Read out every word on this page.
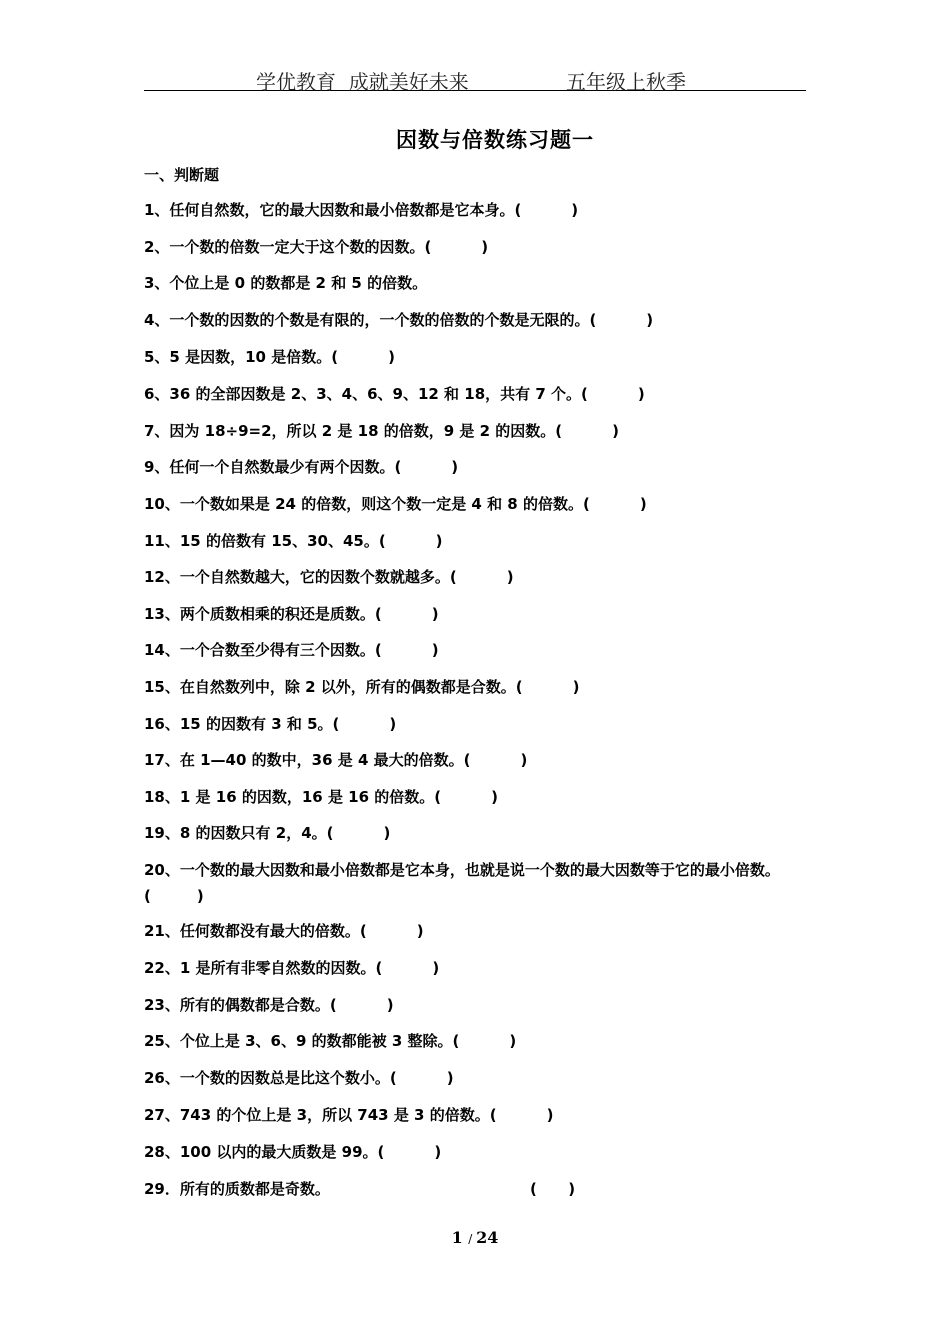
学优教育  成就美好未来	五年级上秋季
因数与倍数练习题一
一、判断题
1、任何自然数，它的最大因数和最小倍数都是它本身。(	)
2、一个数的倍数一定大于这个数的因数。(	)
3、个位上是 0 的数都是 2 和 5 的倍数。
4、一个数的因数的个数是有限的，一个数的倍数的个数是无限的。(	)
5、5 是因数，10 是倍数。(	)
6、36 的全部因数是 2、3、4、6、9、12 和 18，共有 7 个。(	)
7、因为 18÷9=2，所以 2 是 18 的倍数，9 是 2 的因数。(	)
9、任何一个自然数最少有两个因数。(	)
10、一个数如果是 24 的倍数，则这个数一定是 4 和 8 的倍数。(	)
11、15 的倍数有 15、30、45。(	)
12、一个自然数越大，它的因数个数就越多。(	)
13、两个质数相乘的积还是质数。(	)
14、一个合数至少得有三个因数。(	)
15、在自然数列中，除 2 以外，所有的偶数都是合数。(	)
16、15 的因数有 3 和 5。(	)
17、在 1—40 的数中，36 是 4 最大的倍数。(	)
18、1 是 16 的因数，16 是 16 的倍数。(	)
19、8 的因数只有 2，4。(	)
20、一个数的最大因数和最小倍数都是它本身，也就是说一个数的最大因数等于它的最小倍数。(	)
21、任何数都没有最大的倍数。(	)
22、1 是所有非零自然数的因数。(	)
23、所有的偶数都是合数。(	)
25、个位上是 3、6、9 的数都能被 3 整除。(	)
26、一个数的因数总是比这个数小。(	)
27、743 的个位上是 3，所以 743 是 3 的倍数。(	)
28、100 以内的最大质数是 99。(	)
29．所有的质数都是奇数。	(      )
1 / 24
